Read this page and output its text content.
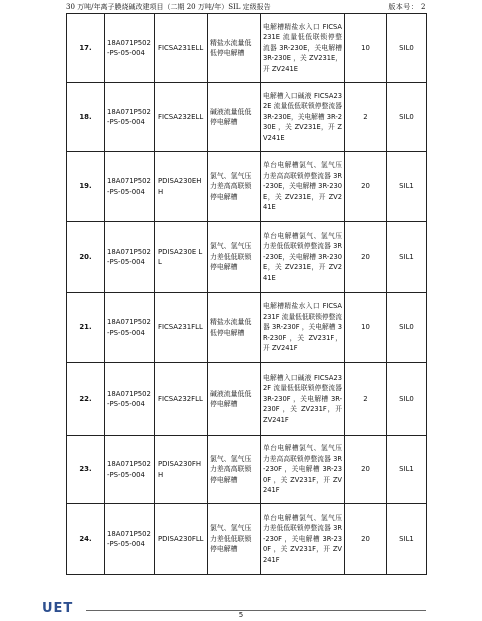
30 万吨/年离子膜烧碱改建项目（二期 20 万吨/年）SIL 定级报告	版本号： 2
17.	18A071P502-PS-05-004	FICSA231ELL	精盐水流量低低停电解槽	电解槽精盐水入口 FICSA231E 流量低低联锁停整流器 3R-230E，关电解槽 3R-230E ，关 ZV231E，开 ZV241E	10	SIL0
18.	18A071P502-PS-05-004	FICSA232ELL	碱液流量低低停电解槽	电解槽入口碱液 FICSA232E 流量低低联锁停整流器 3R-230E，关电解槽 3R-230E ，关 ZV231E，开 ZV241E	2	SIL0
19.	18A071P502-PS-05-004	PDISA230EHH	氯气、氢气压力差高高联锁停电解槽	单台电解槽氯气、氢气压力差高高联锁停整流器 3R-230E，关电解槽 3R-230E，关 ZV231E，开 ZV241E	20	SIL1
20.	18A071P502-PS-05-004	PDISA230E LL	氯气、氢气压力差低低联锁停电解槽	单台电解槽氯气、氢气压力差低低联锁停整流器 3R-230E，关电解槽 3R-230E，关 ZV231E，开 ZV241E	20	SIL1
21.	18A071P502-PS-05-004	FICSA231FLL	精盐水流量低低停电解槽	电解槽精盐水入口 FICSA231F 流量低低联锁停整流器 3R-230F ，关电解槽 3R-230F ，关 ZV231F，开 ZV241F	10	SIL0
22.	18A071P502-PS-05-004	FICSA232FLL	碱液流量低低停电解槽	电解槽入口碱液 FICSA232F 流量低低联锁停整流器 3R-230F ，关电解槽 3R-230F ，关 ZV231F，开 ZV241F	2	SIL0
23.	18A071P502-PS-05-004	PDISA230FHH	氯气、氢气压力差高高联锁停电解槽	单台电解槽氯气、氢气压力差高高联锁停整流器 3R-230F ，关电解槽 3R-230F ，关 ZV231F，开 ZV241F	20	SIL1
24.	18A071P502-PS-05-004	PDISA230FLL	氯气、氢气压力差低低联锁停电解槽	单台电解槽氯气、氢气压力差低低联锁停整流器 3R-230F ，关电解槽 3R-230F ，关 ZV231F，开 ZV241F	20	SIL1
UET	5
